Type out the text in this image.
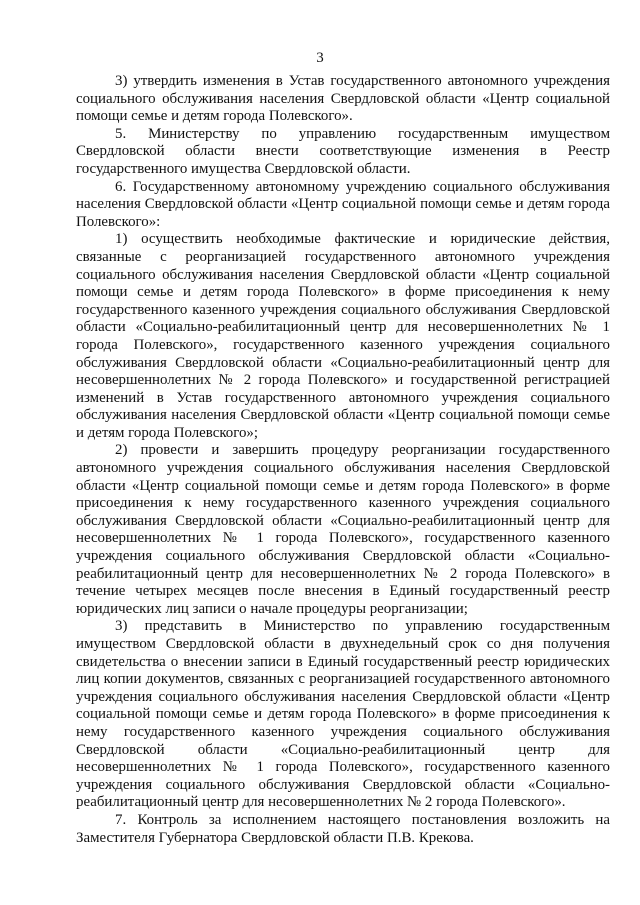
3

3) утвердить изменения в Устав государственного автономного учреждения социального обслуживания населения Свердловской области «Центр социальной помощи семье и детям города Полевского».

5. Министерству по управлению государственным имуществом Свердловской области внести соответствующие изменения в Реестр государственного имущества Свердловской области.

6. Государственному автономному учреждению социального обслуживания населения Свердловской области «Центр социальной помощи семье и детям города Полевского»:

1) осуществить необходимые фактические и юридические действия, связанные с реорганизацией государственного автономного учреждения социального обслуживания населения Свердловской области «Центр социальной помощи семье и детям города Полевского» в форме присоединения к нему государственного казенного учреждения социального обслуживания Свердловской области «Социально-реабилитационный центр для несовершеннолетних № 1 города Полевского», государственного казенного учреждения социального обслуживания Свердловской области «Социально-реабилитационный центр для несовершеннолетних № 2 города Полевского» и государственной регистрацией изменений в Устав государственного автономного учреждения социального обслуживания населения Свердловской области «Центр социальной помощи семье и детям города Полевского»;

2) провести и завершить процедуру реорганизации государственного автономного учреждения социального обслуживания населения Свердловской области «Центр социальной помощи семье и детям города Полевского» в форме присоединения к нему государственного казенного учреждения социального обслуживания Свердловской области «Социально-реабилитационный центр для несовершеннолетних № 1 города Полевского», государственного казенного учреждения социального обслуживания Свердловской области «Социально-реабилитационный центр для несовершеннолетних № 2 города Полевского» в течение четырех месяцев после внесения в Единый государственный реестр юридических лиц записи о начале процедуры реорганизации;

3) представить в Министерство по управлению государственным имуществом Свердловской области в двухнедельный срок со дня получения свидетельства о внесении записи в Единый государственный реестр юридических лиц копии документов, связанных с реорганизацией государственного автономного учреждения социального обслуживания населения Свердловской области «Центр социальной помощи семье и детям города Полевского» в форме присоединения к нему государственного казенного учреждения социального обслуживания Свердловской области «Социально-реабилитационный центр для несовершеннолетних № 1 города Полевского», государственного казенного учреждения социального обслуживания Свердловской области «Социально-реабилитационный центр для несовершеннолетних № 2 города Полевского».

7. Контроль за исполнением настоящего постановления возложить на Заместителя Губернатора Свердловской области П.В. Крекова.
